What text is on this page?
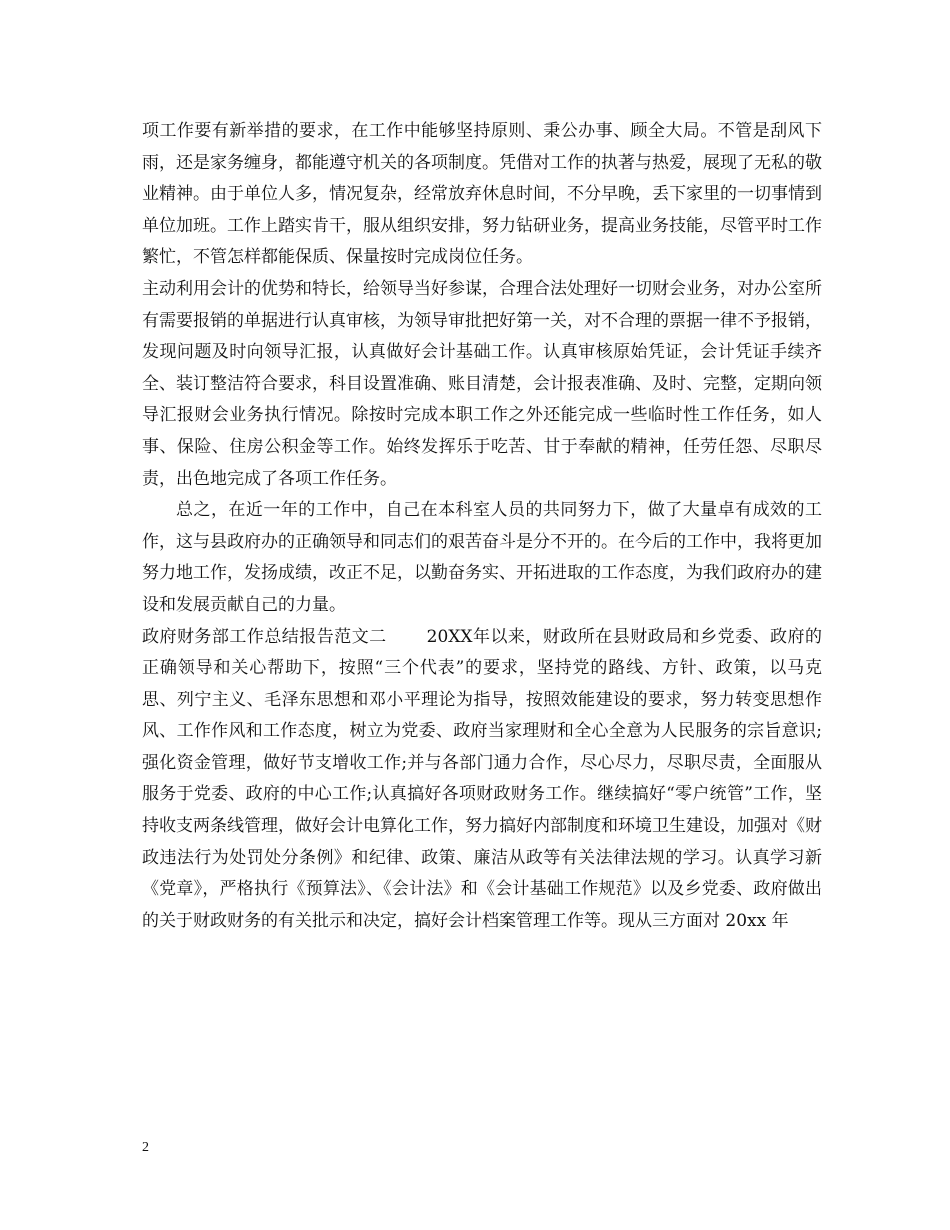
项工作要有新举措的要求，在工作中能够坚持原则、秉公办事、顾全大局。不管是刮风下雨，还是家务缠身，都能遵守机关的各项制度。凭借对工作的执著与热爱，展现了无私的敬业精神。由于单位人多，情况复杂，经常放弃休息时间，不分早晚，丢下家里的一切事情到单位加班。工作上踏实肯干，服从组织安排，努力钻研业务，提高业务技能，尽管平时工作繁忙，不管怎样都能保质、保量按时完成岗位任务。

主动利用会计的优势和特长，给领导当好参谋，合理合法处理好一切财会业务，对办公室所有需要报销的单据进行认真审核，为领导审批把好第一关，对不合理的票据一律不予报销，发现问题及时向领导汇报，认真做好会计基础工作。认真审核原始凭证，会计凭证手续齐全、装订整洁符合要求，科目设置准确、账目清楚，会计报表准确、及时、完整，定期向领导汇报财会业务执行情况。除按时完成本职工作之外还能完成一些临时性工作任务，如人事、保险、住房公积金等工作。始终发挥乐于吃苦、甘于奉献的精神，任劳任怨、尽职尽责，出色地完成了各项工作任务。

总之，在近一年的工作中，自己在本科室人员的共同努力下，做了大量卓有成效的工作，这与县政府办的正确领导和同志们的艰苦奋斗是分不开的。在今后的工作中，我将更加努力地工作，发扬成绩，改正不足，以勤奋务实、开拓进取的工作态度，为我们政府办的建设和发展贡献自己的力量。

政府财务部工作总结报告范文二 20XX年以来，财政所在县财政局和乡党委、政府的正确领导和关心帮助下，按照“三个代表”的要求，坚持党的路线、方针、政策，以马克思、列宁主义、毛泽东思想和邓小平理论为指导，按照效能建设的要求，努力转变思想作风、工作作风和工作态度，树立为党委、政府当家理财和全心全意为人民服务的宗旨意识;强化资金管理，做好节支增收工作;并与各部门通力合作，尽心尽力，尽职尽责，全面服从服务于党委、政府的中心工作;认真搞好各项财政财务工作。继续搞好“零户统管”工作，坚持收支两条线管理，做好会计电算化工作，努力搞好内部制度和环境卫生建设，加强对《财政违法行为处罚处分条例》和纪律、政策、廉洁从政等有关法律法规的学习。认真学习新《党章》，严格执行《预算法》、《会计法》和《会计基础工作规范》以及乡党委、政府做出的关于财政财务的有关批示和决定，搞好会计档案管理工作等。现从三方面对 20xx 年

2
